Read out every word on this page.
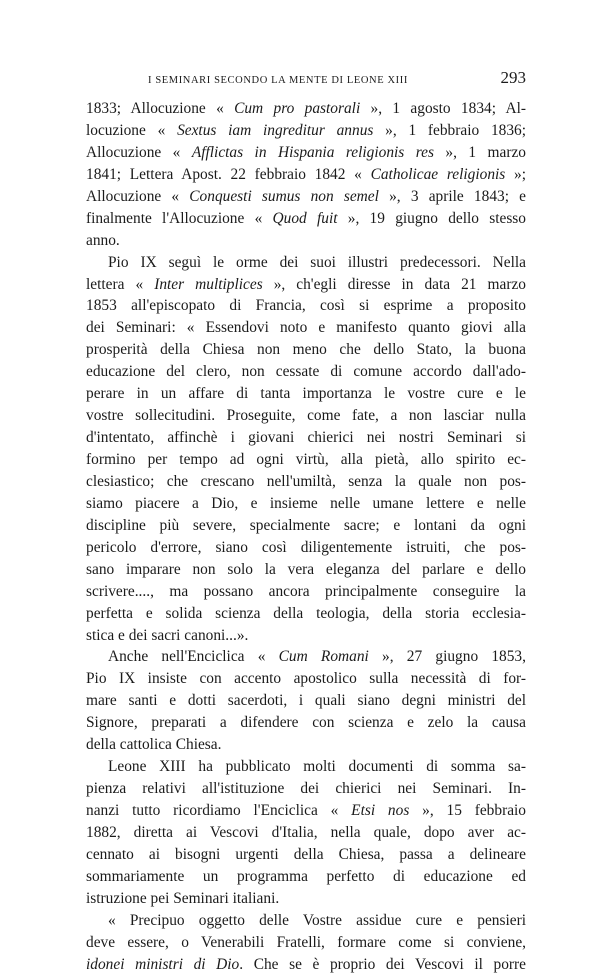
I SEMINARI SECONDO LA MENTE DI LEONE XIII	293
1833; Allocuzione « Cum pro pastorali », 1 agosto 1834; Al-
locuzione « Sextus iam ingreditur annus », 1 febbraio 1836;
Allocuzione « Afflictas in Hispania religionis res », 1 marzo
1841; Lettera Apost. 22 febbraio 1842 « Catholicae religionis »;
Allocuzione « Conquesti sumus non semel », 3 aprile 1843; e
finalmente l'Allocuzione « Quod fuit », 19 giugno dello stesso
anno.
Pio IX seguì le orme dei suoi illustri predecessori. Nella
lettera « Inter multiplices », ch'egli diresse in data 21 marzo
1853 all'episcopato di Francia, così si esprime a proposito
dei Seminari: « Essendovi noto e manifesto quanto giovi alla
prosperità della Chiesa non meno che dello Stato, la buona
educazione del clero, non cessate di comune accordo dall'ado-
perare in un affare di tanta importanza le vostre cure e le
vostre sollecitudini. Proseguite, come fate, a non lasciar nulla
d'intentato, affinchè i giovani chierici nei nostri Seminari si
formino per tempo ad ogni virtù, alla pietà, allo spirito ec-
clesiastico; che crescano nell'umiltà, senza la quale non pos-
siamo piacere a Dio, e insieme nelle umane lettere e nelle
discipline più severe, specialmente sacre; e lontani da ogni
pericolo d'errore, siano così diligentemente istruiti, che pos-
sano imparare non solo la vera eleganza del parlare e dello
scrivere...., ma possano ancora principalmente conseguire la
perfetta e solida scienza della teologia, della storia ecclesia-
stica e dei sacri canoni...».
Anche nell'Enciclica « Cum Romani », 27 giugno 1853,
Pio IX insiste con accento apostolico sulla necessità di for-
mare santi e dotti sacerdoti, i quali siano degni ministri del
Signore, preparati a difendere con scienza e zelo la causa
della cattolica Chiesa.
Leone XIII ha pubblicato molti documenti di somma sa-
pienza relativi all'istituzione dei chierici nei Seminari. In-
nanzi tutto ricordiamo l'Enciclica « Etsi nos », 15 febbraio
1882, diretta ai Vescovi d'Italia, nella quale, dopo aver ac-
cennato ai bisogni urgenti della Chiesa, passa a delineare
sommariamente un programma perfetto di educazione ed
istruzione pei Seminari italiani.
« Precipuo oggetto delle Vostre assidue cure e pensieri
deve essere, o Venerabili Fratelli, formare come si conviene,
idonei ministri di Dio. Che se è proprio dei Vescovi il porre
